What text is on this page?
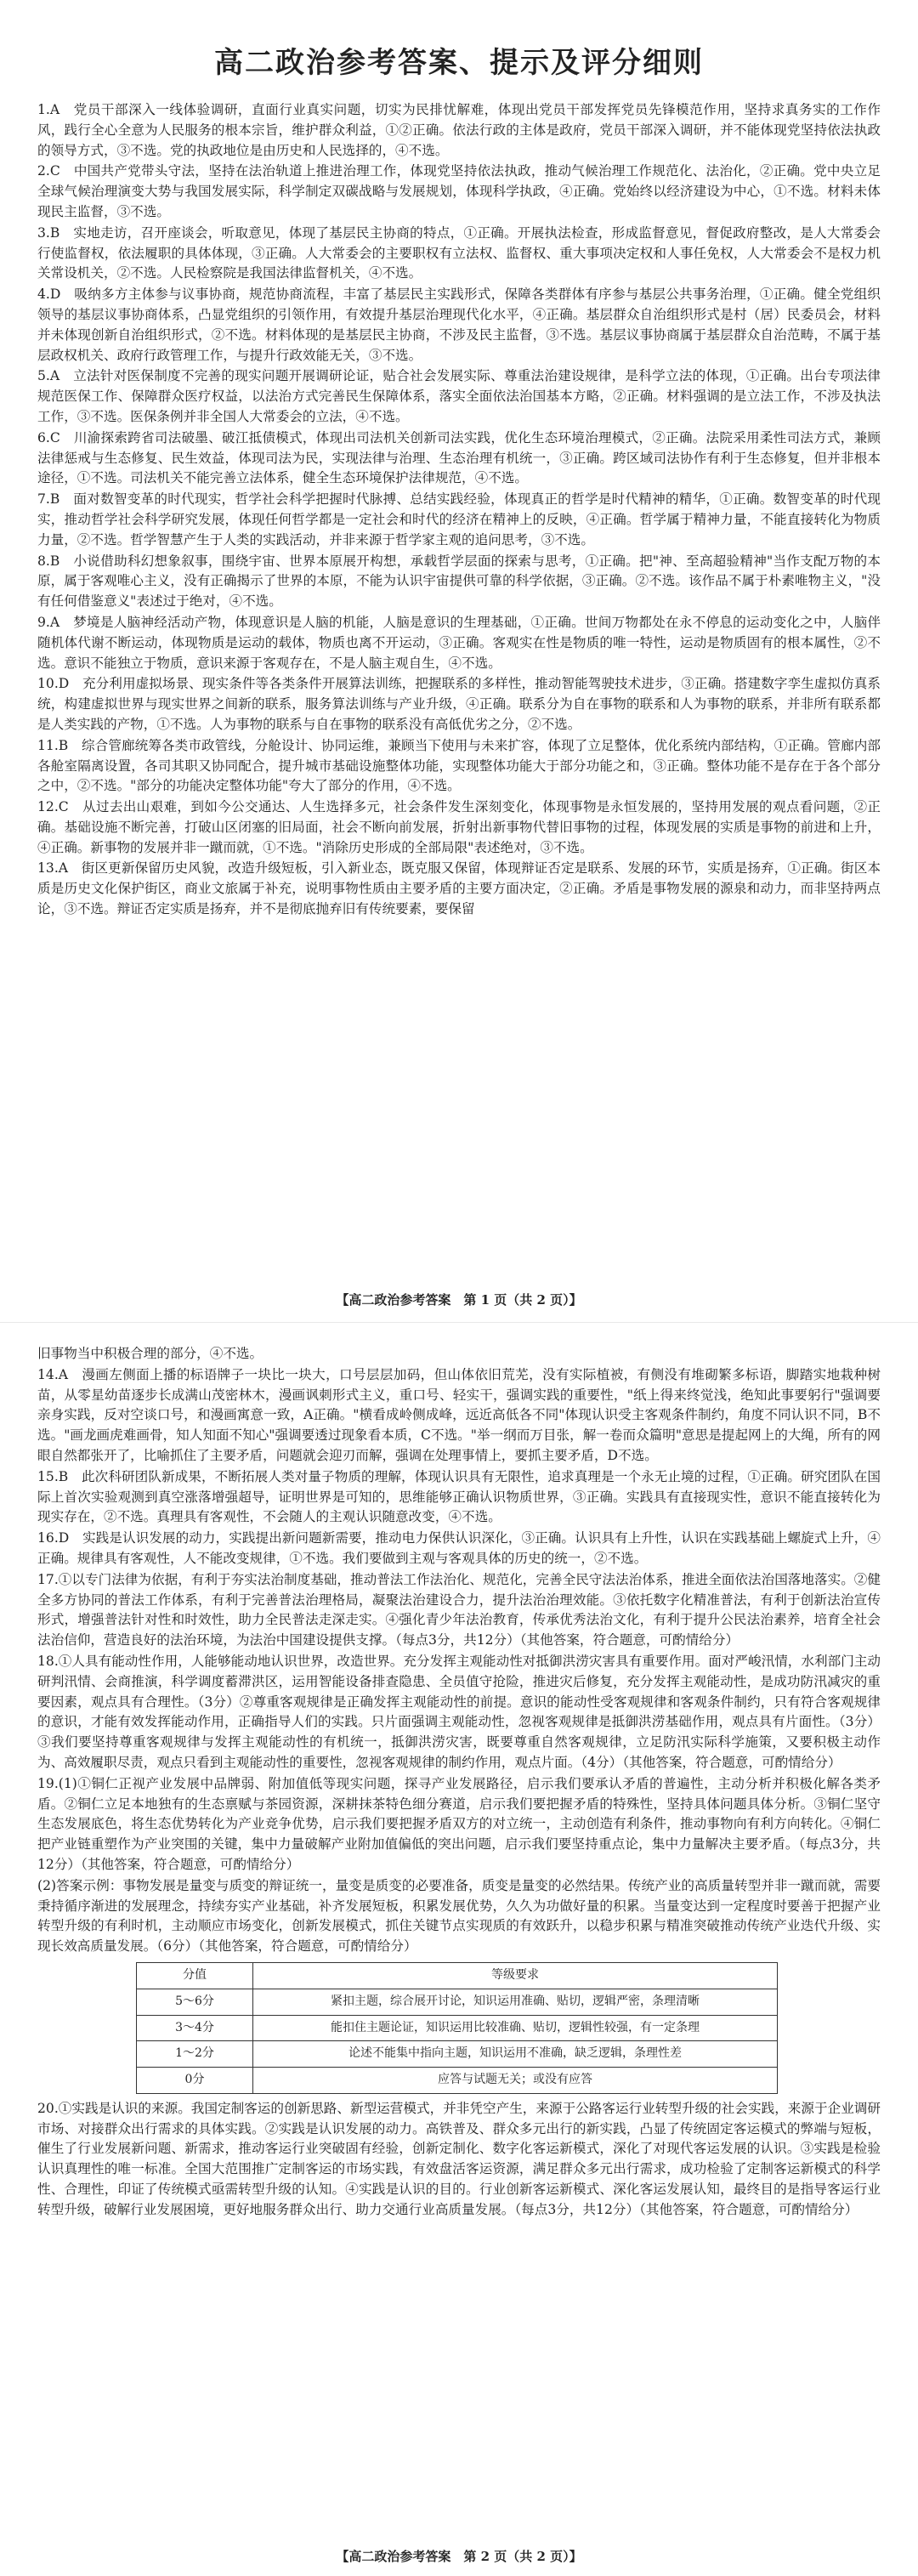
高二政治参考答案、提示及评分细则

1.A　党员干部深入一线体验调研，直面行业真实问题，切实为民排忧解难，体现出党员干部发挥党员先锋模范作用，坚持求真务实的工作作风，践行全心全意为人民服务的根本宗旨，维护群众利益，①②正确。依法行政的主体是政府，党员干部深入调研，并不能体现党坚持依法执政的领导方式，③不选。党的执政地位是由历史和人民选择的，④不选。

2.C　中国共产党带头守法，坚持在法治轨道上推进治理工作，体现党坚持依法执政，推动气候治理工作规范化、法治化，②正确。党中央立足全球气候治理演变大势与我国发展实际，科学制定双碳战略与发展规划，体现科学执政，④正确。党始终以经济建设为中心，①不选。材料未体现民主监督，③不选。

3.B　实地走访，召开座谈会，听取意见，体现了基层民主协商的特点，①正确。开展执法检查，形成监督意见，督促政府整改，是人大常委会行使监督权，依法履职的具体体现，③正确。人大常委会的主要职权有立法权、监督权、重大事项决定权和人事任免权，人大常委会不是权力机关常设机关，②不选。人民检察院是我国法律监督机关，④不选。

4.D　吸纳多方主体参与议事协商，规范协商流程，丰富了基层民主实践形式，保障各类群体有序参与基层公共事务治理，①正确。健全党组织领导的基层议事协商体系，凸显党组织的引领作用，有效提升基层治理现代化水平，④正确。基层群众自治组织形式是村（居）民委员会，材料并未体现创新自治组织形式，②不选。材料体现的是基层民主协商，不涉及民主监督，③不选。基层议事协商属于基层群众自治范畴，不属于基层政权机关、政府行政管理工作，与提升行政效能无关，③不选。

5.A　立法针对医保制度不完善的现实问题开展调研论证，贴合社会发展实际、尊重法治建设规律，是科学立法的体现，①正确。出台专项法律规范医保工作、保障群众医疗权益，以法治方式完善民生保障体系，落实全面依法治国基本方略，②正确。材料强调的是立法工作，不涉及执法工作，③不选。医保条例并非全国人大常委会的立法，④不选。

6.C　川渝探索跨省司法破墨、破江抵债模式，体现出司法机关创新司法实践，优化生态环境治理模式，②正确。法院采用柔性司法方式，兼顾法律惩戒与生态修复、民生效益，体现司法为民，实现法律与治理、生态治理有机统一，③正确。跨区域司法协作有利于生态修复，但并非根本途径，①不选。司法机关不能完善立法体系，健全生态环境保护法律规范，④不选。

7.B　面对数智变革的时代现实，哲学社会科学把握时代脉搏、总结实践经验，体现真正的哲学是时代精神的精华，①正确。数智变革的时代现实，推动哲学社会科学研究发展，体现任何哲学都是一定社会和时代的经济在精神上的反映，④正确。哲学属于精神力量，不能直接转化为物质力量，②不选。哲学智慧产生于人类的实践活动，并非来源于哲学家主观的追问思考，③不选。

8.B　小说借助科幻想象叙事，围绕宇宙、世界本原展开构想，承载哲学层面的探索与思考，①正确。把"神、至高超验精神"当作支配万物的本原，属于客观唯心主义，没有正确揭示了世界的本原，不能为认识宇宙提供可靠的科学依据，③正确。②不选。该作品不属于朴素唯物主义，"没有任何借鉴意义"表述过于绝对，④不选。

9.A　梦境是人脑神经活动产物，体现意识是人脑的机能，人脑是意识的生理基础，①正确。世间万物都处在永不停息的运动变化之中，人脑伴随机体代谢不断运动，体现物质是运动的载体，物质也离不开运动，③正确。客观实在性是物质的唯一特性，运动是物质固有的根本属性，②不选。意识不能独立于物质，意识来源于客观存在，不是人脑主观自生，④不选。

10.D　充分利用虚拟场景、现实条件等各类条件开展算法训练，把握联系的多样性，推动智能驾驶技术进步，③正确。搭建数字孪生虚拟仿真系统，构建虚拟世界与现实世界之间新的联系，服务算法训练与产业升级，④正确。联系分为自在事物的联系和人为事物的联系，并非所有联系都是人类实践的产物，①不选。人为事物的联系与自在事物的联系没有高低优劣之分，②不选。

11.B　综合管廊统筹各类市政管线，分舱设计、协同运维，兼顾当下使用与未来扩容，体现了立足整体，优化系统内部结构，①正确。管廊内部各舱室隔离设置，各司其职又协同配合，提升城市基础设施整体功能，实现整体功能大于部分功能之和，③正确。整体功能不是存在于各个部分之中，②不选。"部分的功能决定整体功能"夸大了部分的作用，④不选。

12.C　从过去出山艰难，到如今公交通达、人生选择多元，社会条件发生深刻变化，体现事物是永恒发展的，坚持用发展的观点看问题，②正确。基础设施不断完善，打破山区闭塞的旧局面，社会不断向前发展，折射出新事物代替旧事物的过程，体现发展的实质是事物的前进和上升，④正确。新事物的发展并非一蹴而就，①不选。"消除历史形成的全部局限"表述绝对，③不选。

13.A　街区更新保留历史风貌，改造升级短板，引入新业态，既克服又保留，体现辩证否定是联系、发展的环节，实质是扬弃，①正确。街区本质是历史文化保护街区，商业文旅属于补充，说明事物性质由主要矛盾的主要方面决定，②正确。矛盾是事物发展的源泉和动力，而非坚持两点论，③不选。辩证否定实质是扬弃，并不是彻底抛弃旧有传统要素，要保留

【高二政治参考答案　第 1 页（共 2 页）】

旧事物当中积极合理的部分，④不选。

14.A　漫画左侧面上播的标语牌子一块比一块大，口号层层加码，但山体依旧荒芜，没有实际植被，有侧没有堆砌繁多标语，脚踏实地栽种树苗，从零星幼苗逐步长成满山茂密林木，漫画讽刺形式主义，重口号、轻实干，强调实践的重要性，"纸上得来终觉浅，绝知此事要躬行"强调要亲身实践，反对空谈口号，和漫画寓意一致，A正确。"横看成岭侧成峰，远近高低各不同"体现认识受主客观条件制约，角度不同认识不同，B不选。"画龙画虎难画骨，知人知面不知心"强调要透过现象看本质，C不选。"举一纲而万目张，解一卷而众篇明"意思是提起网上的大绳，所有的网眼自然都张开了，比喻抓住了主要矛盾，问题就会迎刃而解，强调在处理事情上，要抓主要矛盾，D不选。

15.B　此次科研团队新成果，不断拓展人类对量子物质的理解，体现认识具有无限性，追求真理是一个永无止境的过程，①正确。研究团队在国际上首次实验观测到真空涨落增强超导，证明世界是可知的，思维能够正确认识物质世界，③正确。实践具有直接现实性，意识不能直接转化为现实存在，②不选。真理具有客观性，不会随人的主观认识随意改变，④不选。

16.D　实践是认识发展的动力，实践提出新问题新需要，推动电力保供认识深化，③正确。认识具有上升性，认识在实践基础上螺旋式上升，④正确。规律具有客观性，人不能改变规律，①不选。我们要做到主观与客观具体的历史的统一，②不选。

17.①以专门法律为依据，有利于夯实法治制度基础，推动普法工作法治化、规范化，完善全民守法法治体系，推进全面依法治国落地落实。②健全多方协同的普法工作体系，有利于完善普法治理格局，凝聚法治建设合力，提升法治治理效能。③依托数字化精准普法，有利于创新法治宣传形式，增强普法针对性和时效性，助力全民普法走深走实。④强化青少年法治教育，传承优秀法治文化，有利于提升公民法治素养，培育全社会法治信仰，营造良好的法治环境，为法治中国建设提供支撑。（每点3分，共12分）（其他答案，符合题意，可酌情给分）

18.①人具有能动性作用，人能够能动地认识世界，改造世界。充分发挥主观能动性对抵御洪涝灾害具有重要作用。面对严峻汛情，水利部门主动研判汛情、会商推演，科学调度蓄滞洪区，运用智能设备排查隐患、全员值守抢险，推进灾后修复，充分发挥主观能动性，是成功防汛减灾的重要因素，观点具有合理性。（3分）②尊重客观规律是正确发挥主观能动性的前提。意识的能动性受客观规律和客观条件制约，只有符合客观规律的意识，才能有效发挥能动作用，正确指导人们的实践。只片面强调主观能动性，忽视客观规律是抵御洪涝基础作用，观点具有片面性。（3分）③我们要坚持尊重客观规律与发挥主观能动性的有机统一，抵御洪涝灾害，既要尊重自然客观规律，立足防汛实际科学施策，又要积极主动作为、高效履职尽责，观点只看到主观能动性的重要性，忽视客观规律的制约作用，观点片面。（4分）（其他答案，符合题意，可酌情给分）

19.(1)①铜仁正视产业发展中品牌弱、附加值低等现实问题，探寻产业发展路径，启示我们要承认矛盾的普遍性，主动分析并积极化解各类矛盾。②铜仁立足本地独有的生态禀赋与茶园资源，深耕抹茶特色细分赛道，启示我们要把握矛盾的特殊性，坚持具体问题具体分析。③铜仁坚守生态发展底色，将生态优势转化为产业竞争优势，启示我们要把握矛盾双方的对立统一，主动创造有利条件，推动事物向有利方向转化。④铜仁把产业链重塑作为产业突围的关键，集中力量破解产业附加值偏低的突出问题，启示我们要坚持重点论，集中力量解决主要矛盾。（每点3分，共12分）（其他答案，符合题意，可酌情给分）

(2)答案示例：事物发展是量变与质变的辩证统一，量变是质变的必要准备，质变是量变的必然结果。传统产业的高质量转型并非一蹴而就，需要秉持循序渐进的发展理念，持续夯实产业基础，补齐发展短板，积累发展优势，久久为功做好量的积累。当量变达到一定程度时要善于把握产业转型升级的有利时机，主动顺应市场变化，创新发展模式，抓住关键节点实现质的有效跃升，以稳步积累与精准突破推动传统产业迭代升级、实现长效高质量发展。（6分）（其他答案，符合题意，可酌情给分）

分值	等级要求
5～6分	紧扣主题，综合展开讨论，知识运用准确、贴切，逻辑严密，条理清晰
3～4分	能扣住主题论证，知识运用比较准确、贴切，逻辑性较强，有一定条理
1～2分	论述不能集中指向主题，知识运用不准确，缺乏逻辑，条理性差
0分	应答与试题无关；或没有应答

20.①实践是认识的来源。我国定制客运的创新思路、新型运营模式，并非凭空产生，来源于公路客运行业转型升级的社会实践，来源于企业调研市场、对接群众出行需求的具体实践。②实践是认识发展的动力。高铁普及、群众多元出行的新实践，凸显了传统固定客运模式的弊端与短板，催生了行业发展新问题、新需求，推动客运行业突破固有经验，创新定制化、数字化客运新模式，深化了对现代客运发展的认识。③实践是检验认识真理性的唯一标准。全国大范围推广定制客运的市场实践，有效盘活客运资源，满足群众多元出行需求，成功检验了定制客运新模式的科学性、合理性，印证了传统模式亟需转型升级的认知。④实践是认识的目的。行业创新客运新模式、深化客运发展认知，最终目的是指导客运行业转型升级，破解行业发展困境，更好地服务群众出行、助力交通行业高质量发展。（每点3分，共12分）（其他答案，符合题意，可酌情给分）

【高二政治参考答案　第 2 页（共 2 页）】
